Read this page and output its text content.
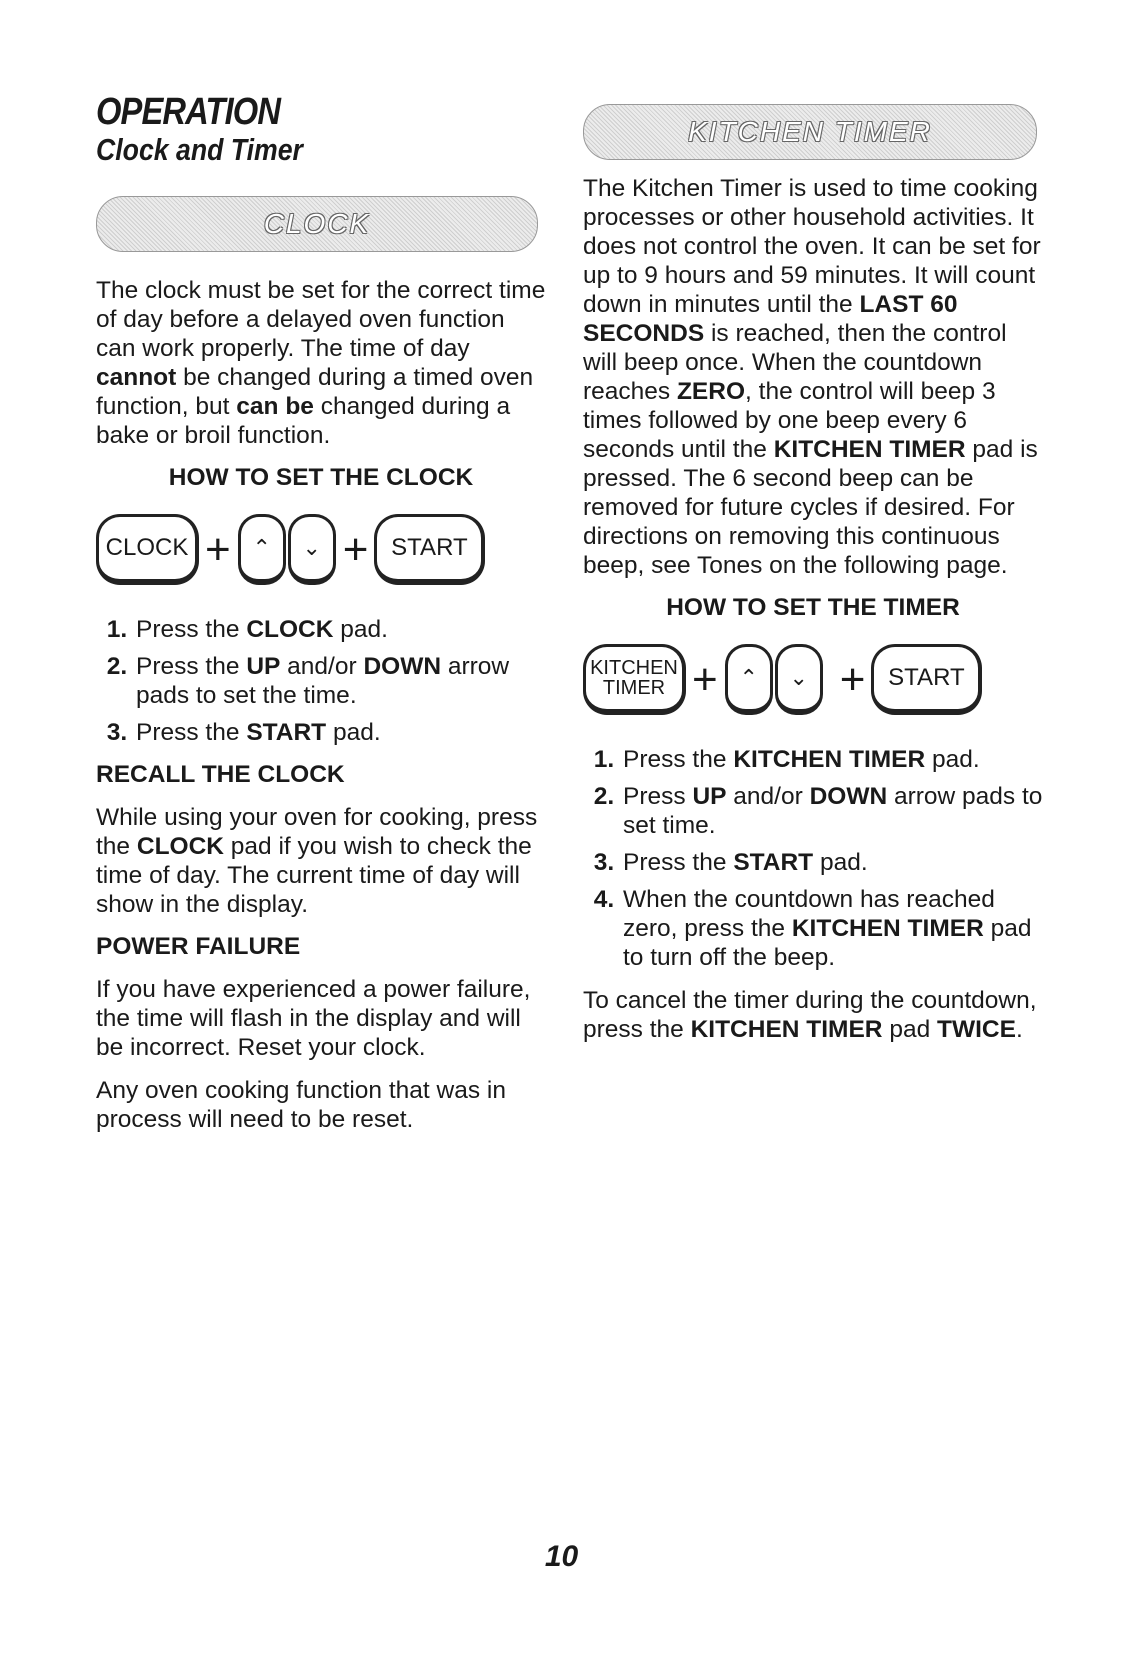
OPERATION
Clock and Timer
CLOCK

The clock must be set for the correct time of day before a delayed oven function can work properly. The time of day cannot be changed during a timed oven function, but can be changed during a bake or broil function.

HOW TO SET THE CLOCK
CLOCK + ⌃	⌄ + START
1. Press the CLOCK pad.
2. Press the UP and/or DOWN arrow pads to set the time.
3. Press the START pad.
RECALL THE CLOCK

While using your oven for cooking, press the CLOCK pad if you wish to check the time of day. The current time of day will show in the display.

POWER FAILURE

If you have experienced a power failure, the time will flash in the display and will be incorrect. Reset your clock.

Any oven cooking function that was in process will need to be reset.

KITCHEN TIMER

The Kitchen Timer is used to time cooking processes or other household activities. It does not control the oven. It can be set for up to 9 hours and 59 minutes. It will count down in minutes until the LAST 60 SECONDS is reached, then the control will beep once. When the countdown reaches ZERO, the control will beep 3 times followed by one beep every 6 seconds until the KITCHEN TIMER pad is pressed. The 6 second beep can be removed for future cycles if desired. For directions on removing this continuous beep, see Tones on the following page.

HOW TO SET THE TIMER
KITCHEN
TIMER + ⌃	⌄ + START
1. Press the KITCHEN TIMER pad.
2. Press UP and/or DOWN arrow pads to set time.
3. Press the START pad.
4. When the countdown has reached zero, press the KITCHEN TIMER pad to turn off the beep.

To cancel the timer during the countdown, press the KITCHEN TIMER pad TWICE.

10
